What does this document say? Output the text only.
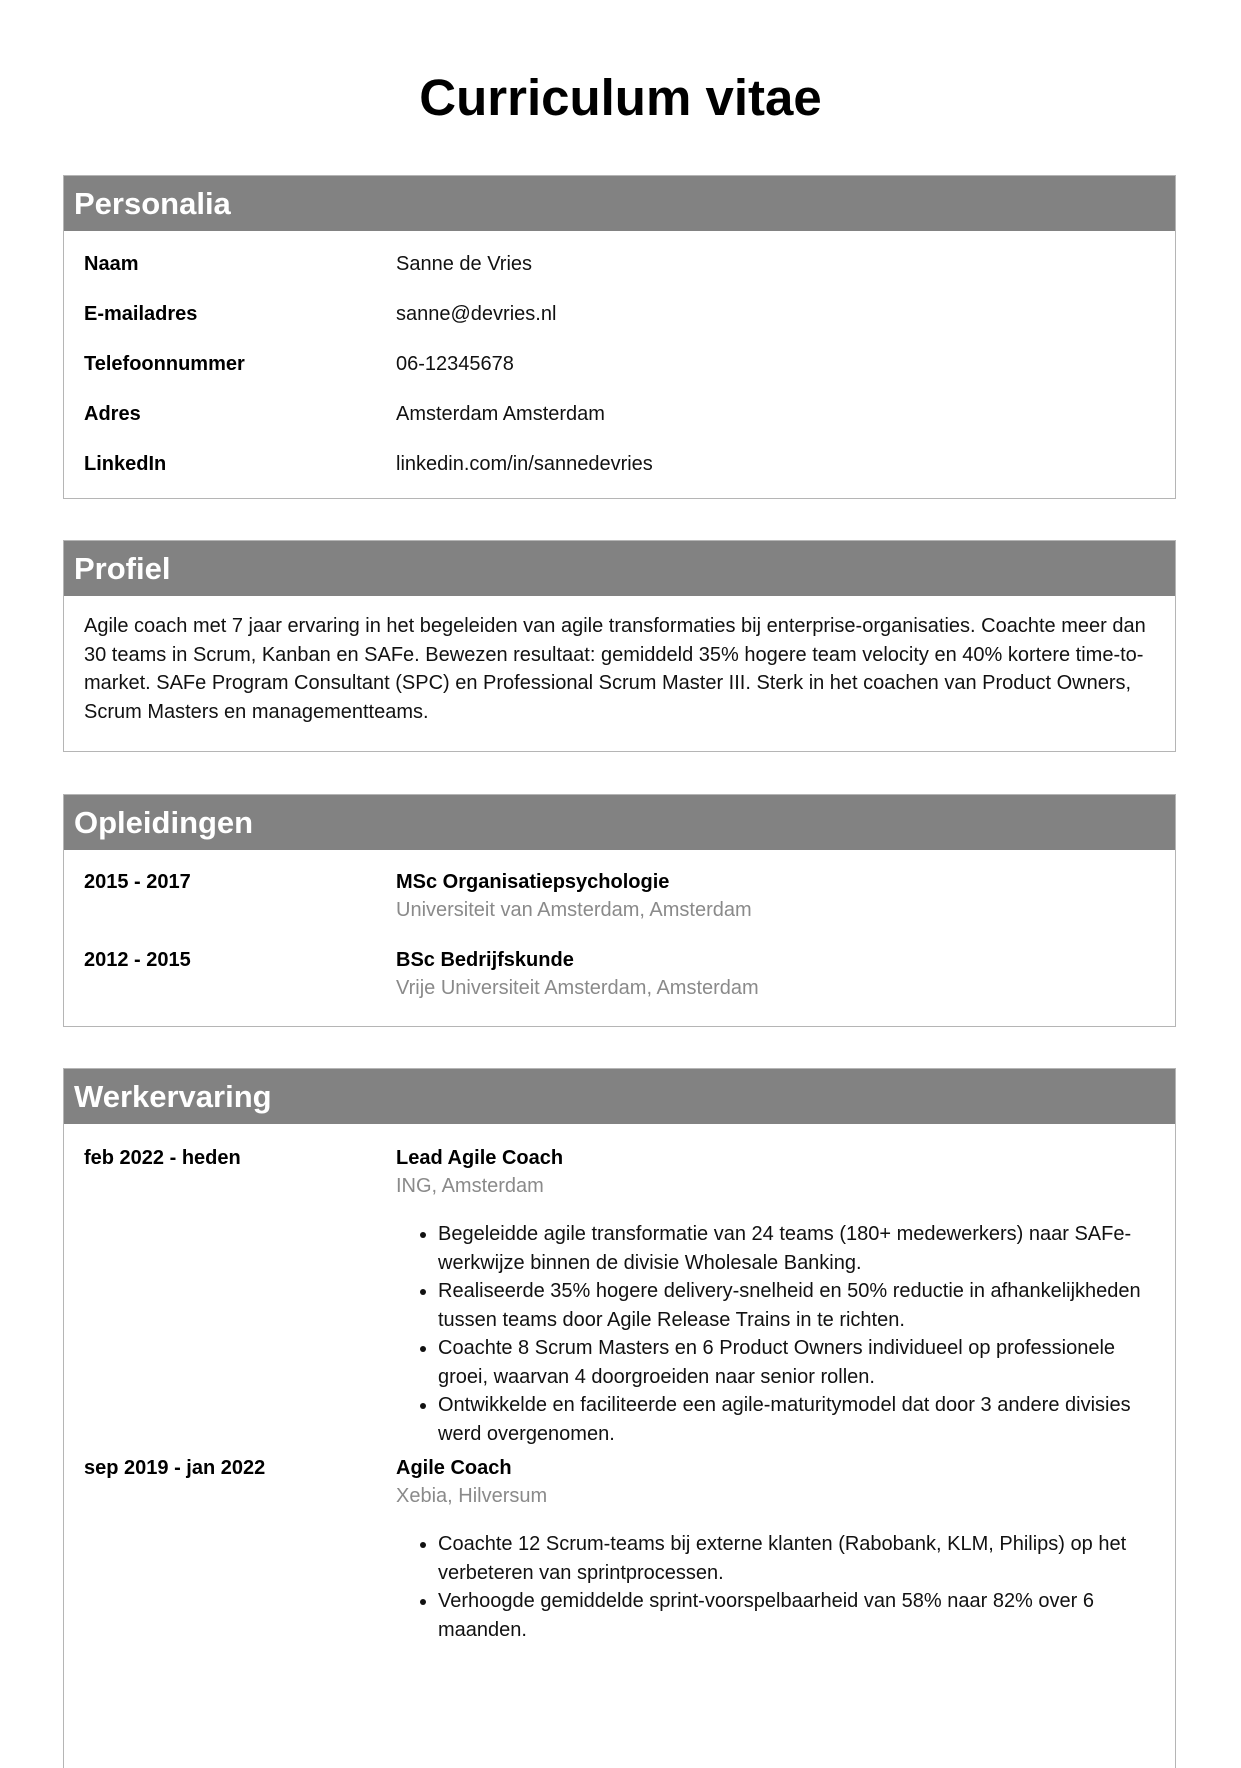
Curriculum vitae
Personalia
Naam	Sanne de Vries
E-mailadres	sanne@devries.nl
Telefoonnummer	06-12345678
Adres	Amsterdam Amsterdam
LinkedIn	linkedin.com/in/sannedevries
Profiel

Agile coach met 7 jaar ervaring in het begeleiden van agile transformaties bij enterprise-organisaties. Coachte meer dan 30 teams in Scrum, Kanban en SAFe. Bewezen resultaat: gemiddeld 35% hogere team velocity en 40% kortere time-to-market. SAFe Program Consultant (SPC) en Professional Scrum Master III. Sterk in het coachen van Product Owners, Scrum Masters en managementteams.

Opleidingen
2015 - 2017	MSc Organisatiepsychologie
Universiteit van Amsterdam, Amsterdam
2012 - 2015	BSc Bedrijfskunde
Vrije Universiteit Amsterdam, Amsterdam
Werkervaring
feb 2022 - heden	Lead Agile Coach
ING, Amsterdam
• Begeleidde agile transformatie van 24 teams (180+ medewerkers) naar SAFe-werkwijze binnen de divisie Wholesale Banking.
• Realiseerde 35% hogere delivery-snelheid en 50% reductie in afhankelijkheden tussen teams door Agile Release Trains in te richten.
• Coachte 8 Scrum Masters en 6 Product Owners individueel op professionele groei, waarvan 4 doorgroeiden naar senior rollen.
• Ontwikkelde en faciliteerde een agile-maturitymodel dat door 3 andere divisies werd overgenomen.
sep 2019 - jan 2022	Agile Coach
Xebia, Hilversum
• Coachte 12 Scrum-teams bij externe klanten (Rabobank, KLM, Philips) op het verbeteren van sprintprocessen.
• Verhoogde gemiddelde sprint-voorspelbaarheid van 58% naar 82% over 6 maanden.
